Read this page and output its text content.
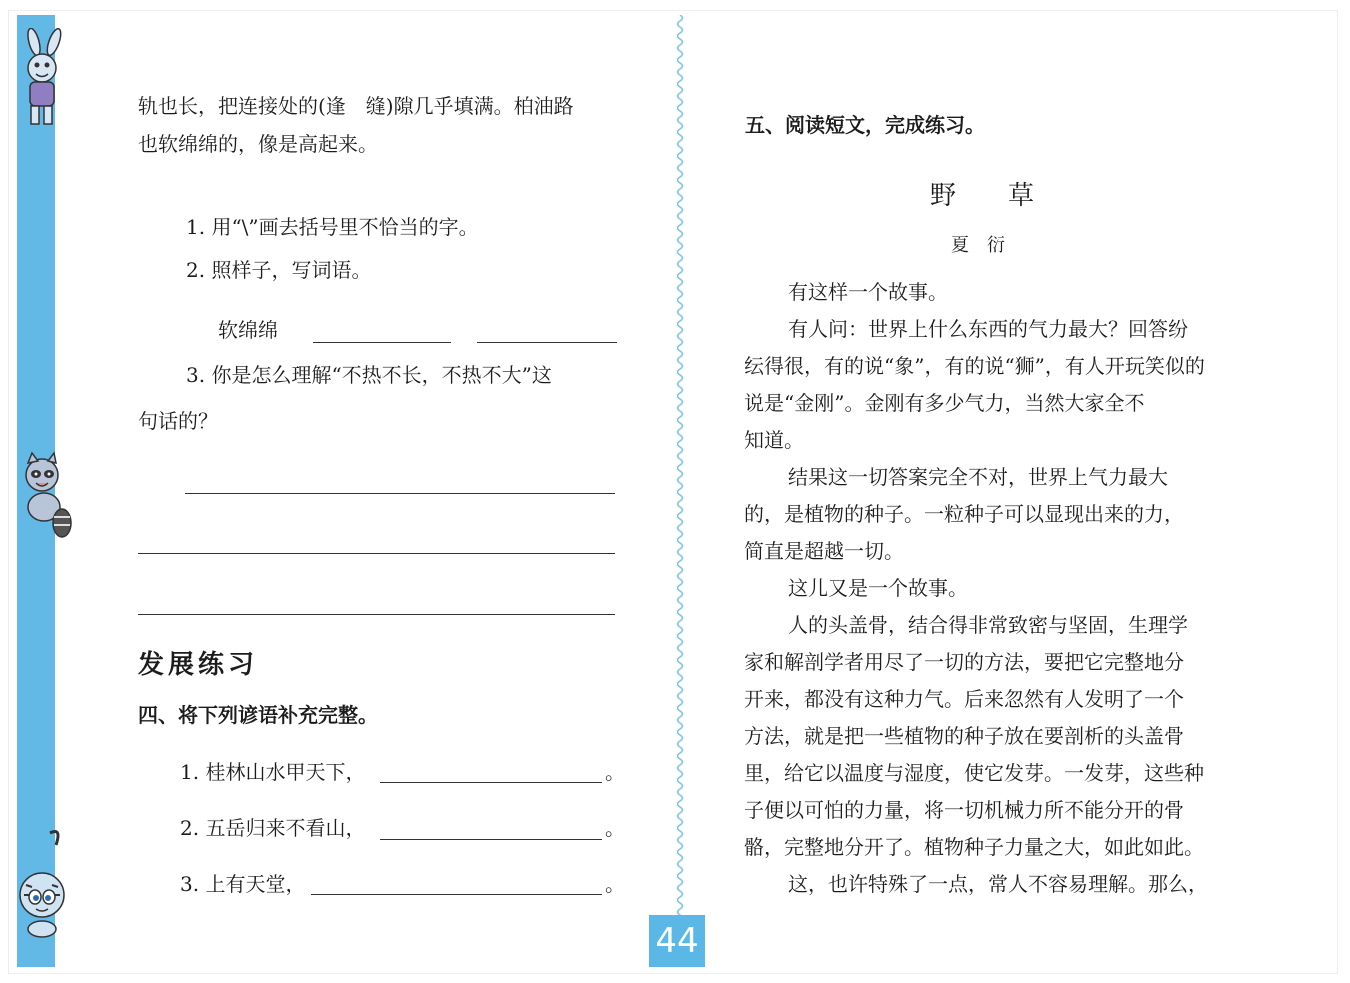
轨也长，把连接处的(逢　缝)隙几乎填满。柏油路
也软绵绵的，像是高起来。
1. 用“\”画去括号里不恰当的字。
2. 照样子，写词语。
软绵绵
3. 你是怎么理解“不热不长，不热不大”这
句话的？
发展练习
四、将下列谚语补充完整。
1. 桂林山水甲天下，	。
2. 五岳归来不看山，	。
3. 上有天堂，	。
44
五、阅读短文，完成练习。
野　　草
夏　衍
有这样一个故事。
有人问：世界上什么东西的气力最大？回答纷
纭得很，有的说“象”，有的说“狮”，有人开玩笑似的
说是“金刚”。金刚有多少气力，当然大家全不
知道。
结果这一切答案完全不对，世界上气力最大
的，是植物的种子。一粒种子可以显现出来的力，
简直是超越一切。
这儿又是一个故事。
人的头盖骨，结合得非常致密与坚固，生理学
家和解剖学者用尽了一切的方法，要把它完整地分
开来，都没有这种力气。后来忽然有人发明了一个
方法，就是把一些植物的种子放在要剖析的头盖骨
里，给它以温度与湿度，使它发芽。一发芽，这些种
子便以可怕的力量，将一切机械力所不能分开的骨
骼，完整地分开了。植物种子力量之大，如此如此。
这，也许特殊了一点，常人不容易理解。那么，
